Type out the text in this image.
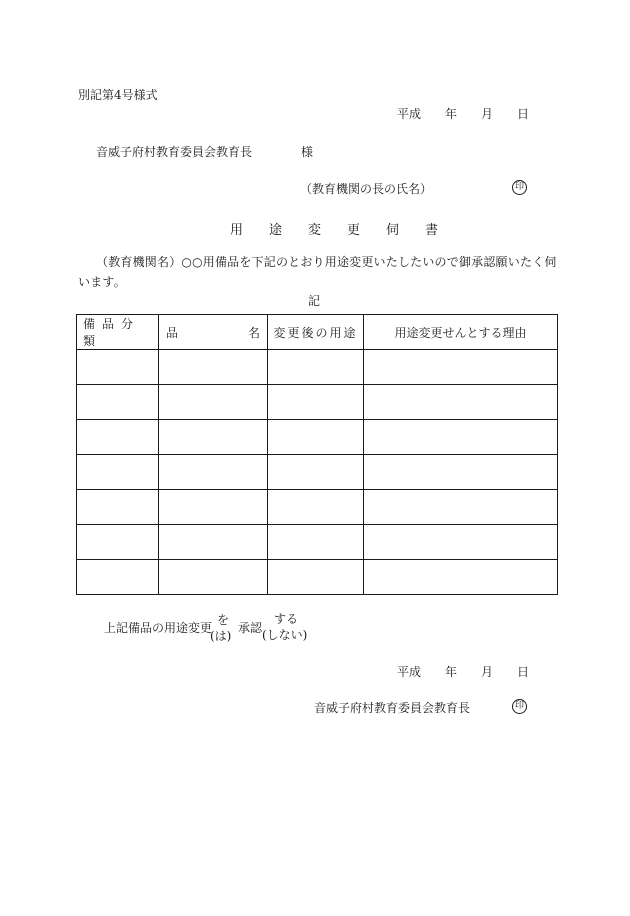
別記第4号様式
平成 年 月 日
音威子府村教育委員会教育長	様
（教育機関の長の氏名）	印
用途変更伺書
（教育機関名）○○用備品を下記のとおり用途変更いたしたいので御承認願いたく伺います。
記
備品分類	品 名	変更後の用途	用途変更せんとする理由

上記備品の用途変更
を
(は)
承認
する
(しない)
平成 年 月 日
音威子府村教育委員会教育長	印
